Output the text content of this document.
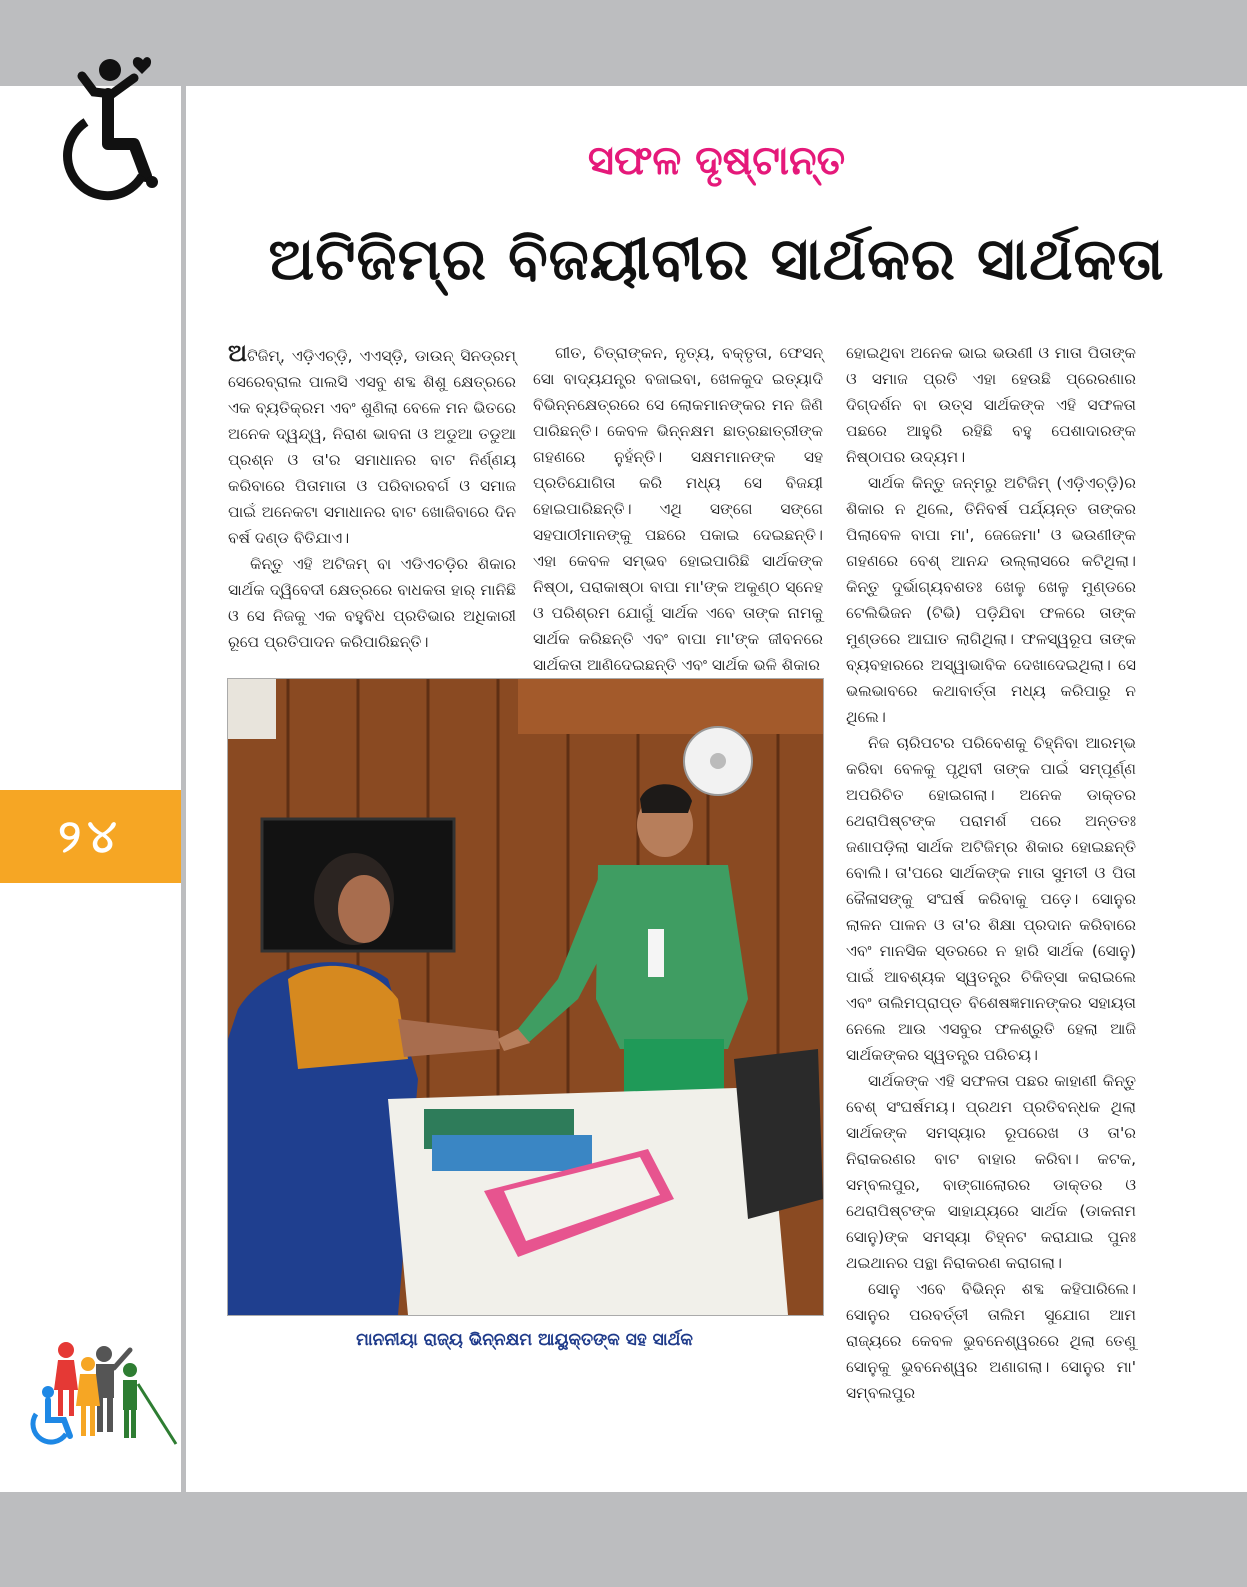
୨୪
ସଫଳ ଦୃଷ୍ଟାନ୍ତ
ଅଟିଜିମ୍‌ର ବିଜୟୀବୀର ସାର୍ଥକର ସାର୍ଥକତା

ଅଟିଜିମ୍‌, ଏଡ଼ିଏଚ୍‌ଡ଼ି, ଏଏସ୍‌ଡ଼ି, ଡାଉନ୍ ସିନଡ୍ରମ୍ ସେରେବ୍ରାଲ ପାଲସି ଏସବୁ ଶବ୍ଦ ଶିଶୁ କ୍ଷେତ୍ରରେ ଏକ ବ୍ୟତିକ୍ରମ ଏବଂ ଶୁଣିଲା ବେଳେ ମନ ଭିତରେ ଅନେକ ଦ୍ୱନ୍ଦ୍ୱ, ନିରାଶ ଭାବନା ଓ ଅଡୁଆ ତଡୁଆ ପ୍ରଶ୍ନ ଓ ତା'ର ସମାଧାନର ବାଟ ନିର୍ଣ୍ଣୟ କରିବାରେ ପିତାମାତା ଓ ପରିବାରବର୍ଗ ଓ ସମାଜ ପାଇଁ ଅନେକଟା ସମାଧାନର ବାଟ ଖୋଜିବାରେ ଦିନ ବର୍ଷ ଦଣ୍ଡ ବିତିଯାଏ।

କିନ୍ତୁ ଏହି ଅଟିଜମ୍ ବା ଏଡିଏଚଡ଼ିର ଶିକାର ସାର୍ଥକ ଦ୍ୱିବେଦୀ କ୍ଷେତ୍ରରେ ବାଧକତା ହାର୍ ମାନିଛି ଓ ସେ ନିଜକୁ ଏକ ବହୁବିଧ ପ୍ରତିଭାର ଅଧିକାରୀ ରୂପେ ପ୍ରତିପାଦନ କରିପାରିଛନ୍ତି।

ଗୀତ, ଚିତ୍ରାଙ୍କନ, ନୃତ୍ୟ, ବକ୍ତୃତା, ଫେସନ୍ ସୋ ବାଦ୍ୟଯନ୍ତ୍ର ବଜାଇବା, ଖେଳକୁଦ ଇତ୍ୟାଦି ବିଭିନ୍ନକ୍ଷେତ୍ରରେ ସେ ଲୋକମାନଙ୍କର ମନ ଜିଣି ପାରିଛନ୍ତି। କେବଳ ଭିନ୍ନକ୍ଷମ ଛାତ୍ରଛାତ୍ରୀଙ୍କ ଗହଣରେ ନୁହଁନ୍ତି। ସକ୍ଷମମାନଙ୍କ ସହ ପ୍ରତିଯୋଗିତା କରି ମଧ୍ୟ ସେ ବିଜୟୀ ହୋଇପାରିଛନ୍ତି। ଏଥି ସଙ୍ଗେ ସଙ୍ଗେ ସହପାଠୀମାନଙ୍କୁ ପଛରେ ପକାଇ ଦେଇଛନ୍ତି। ଏହା କେବଳ ସମ୍ଭବ ହୋଇପାରିଛି ସାର୍ଥକଙ୍କ ନିଷ୍ଠା, ପରାକାଷ୍ଠା ବାପା ମା'ଙ୍କ ଅକୁଣ୍ଠ ସ୍ନେହ ଓ ପରିଶ୍ରମ ଯୋଗୁଁ ସାର୍ଥକ ଏବେ ତାଙ୍କ ନାମକୁ ସାର୍ଥକ କରିଛନ୍ତି ଏବଂ ବାପା ମା'ଙ୍କ ଜୀବନରେ ସାର୍ଥକତା ଆଣିଦେଇଛନ୍ତି ଏବଂ ସାର୍ଥକ ଭଳି ଶିକାର

ହୋଇଥିବା ଅନେକ ଭାଇ ଭଉଣୀ ଓ ମାତା ପିତାଙ୍କ ଓ ସମାଜ ପ୍ରତି ଏହା ହେଉଛି ପ୍ରେରଣାର ଦିଗ୍‌ଦର୍ଶନ ବା ଉତ୍ସ ସାର୍ଥକଙ୍କ ଏହି ସଫଳତା ପଛରେ ଆହୁରି ରହିଛି ବହୁ ପେଶାଦାରଙ୍କ ନିଷ୍ଠାପର ଉଦ୍ୟମ।

ସାର୍ଥକ କିନ୍ତୁ ଜନ୍ମରୁ ଅଟିଜିମ୍ (ଏଡ଼ିଏଚ୍‌ଡ଼ି)ର ଶିକାର ନ ଥିଲେ, ତିନିବର୍ଷ ପର୍ଯ୍ୟନ୍ତ ତାଙ୍କର ପିଲାବେଳ ବାପା ମା', ଜେଜେମା' ଓ ଭଉଣୀଙ୍କ ଗହଣରେ ବେଶ୍ ଆନନ୍ଦ ଉଲ୍ଲାସରେ କଟିଥିଲା। କିନ୍ତୁ ଦୁର୍ଭାଗ୍ୟବଶତଃ ଖେଳୁ ଖେଳୁ ମୁଣ୍ଡରେ ଟେଲିଭିଜନ (ଟିଭି) ପଡ଼ିଯିବା ଫଳରେ ତାଙ୍କ ମୁଣ୍ଡରେ ଆଘାତ ଲାଗିଥିଲା। ଫଳସ୍ୱରୂପ ତାଙ୍କ ବ୍ୟବହାରରେ ଅସ୍ୱାଭାବିକ ଦେଖାଦେଇଥିଲା। ସେ ଭଲଭାବରେ କଥାବାର୍ତ୍ତା ମଧ୍ୟ କରିପାରୁ ନ ଥିଲେ।

ନିଜ ଚାରିପଟର ପରିବେଶକୁ ଚିହ୍ନିବା ଆରମ୍ଭ କରିବା ବେଳକୁ ପୃଥିବୀ ତାଙ୍କ ପାଇଁ ସମ୍ପୂର୍ଣ୍ଣ ଅପରିଚିତ ହୋଇଗଲା। ଅନେକ ଡାକ୍ତର ଥେରାପିଷ୍ଟଙ୍କ ପରାମର୍ଶ ପରେ ଅନ୍ତତଃ ଜଣାପଡ଼ିଲା ସାର୍ଥକ ଅଟିଜିମ୍‌ର ଶିକାର ହୋଇଛନ୍ତି ବୋଲି। ତା'ପରେ ସାର୍ଥକଙ୍କ ମାତା ସୁମତୀ ଓ ପିତା କୈଳାସଙ୍କୁ ସଂଘର୍ଷ କରିବାକୁ ପଡ଼େ। ସୋନୁର ଲାଳନ ପାଳନ ଓ ତା'ର ଶିକ୍ଷା ପ୍ରଦାନ କରିବାରେ ଏବଂ ମାନସିକ ସ୍ତରରେ ନ ହାରି ସାର୍ଥକ (ସୋନୁ) ପାଇଁ ଆବଶ୍ୟକ ସ୍ୱତନ୍ତ୍ର ଚିକିତ୍ସା କରାଇଲେ ଏବଂ ତାଲିମପ୍ରାପ୍ତ ବିଶେଷଜ୍ଞମାନଙ୍କର ସହାୟତା ନେଲେ ଆଉ ଏସବୁର ଫଳଶ୍ରୁତି ହେଲା ଆଜି ସାର୍ଥକଙ୍କର ସ୍ୱତନ୍ତ୍ର ପରିଚୟ।

ସାର୍ଥକଙ୍କ ଏହି ସଫଳତା ପଛର କାହାଣୀ କିନ୍ତୁ ବେଶ୍ ସଂଘର୍ଷମୟ। ପ୍ରଥମ ପ୍ରତିବନ୍ଧକ ଥିଲା ସାର୍ଥକଙ୍କ ସମସ୍ୟାର ରୂପରେଖ ଓ ତା'ର ନିରାକରଣର ବାଟ ବାହାର କରିବା। କଟକ, ସମ୍ବଲପୁର, ବାଙ୍ଗାଲୋରର ଡାକ୍ତର ଓ ଥେରାପିଷ୍ଟଙ୍କ ସାହାଯ୍ୟରେ ସାର୍ଥକ (ଡାକନାମ ସୋନୁ)ଙ୍କ ସମସ୍ୟା ଚିହ୍ନଟ କରାଯାଇ ପୁନଃ ଥଇଥାନର ପନ୍ଥା ନିରାକରଣ କରାଗଲା।

ସୋନୁ ଏବେ ବିଭିନ୍ନ ଶବ୍ଦ କହିପାରିଲେ। ସୋନୁର ପରବର୍ତ୍ତୀ ତାଲିମ ସୁଯୋଗ ଆମ ରାଜ୍ୟରେ କେବଳ ଭୁବନେଶ୍ୱରରେ ଥିଲା ତେଣୁ ସୋନୁକୁ ଭୁବନେଶ୍ୱର ଅଣାଗଲା। ସୋନୁର ମା' ସମ୍ବଲପୁର

ମାନନୀୟା ରାଜ୍ୟ ଭିନ୍ନକ୍ଷମ ଆୟୁକ୍ତଙ୍କ ସହ ସାର୍ଥକ
